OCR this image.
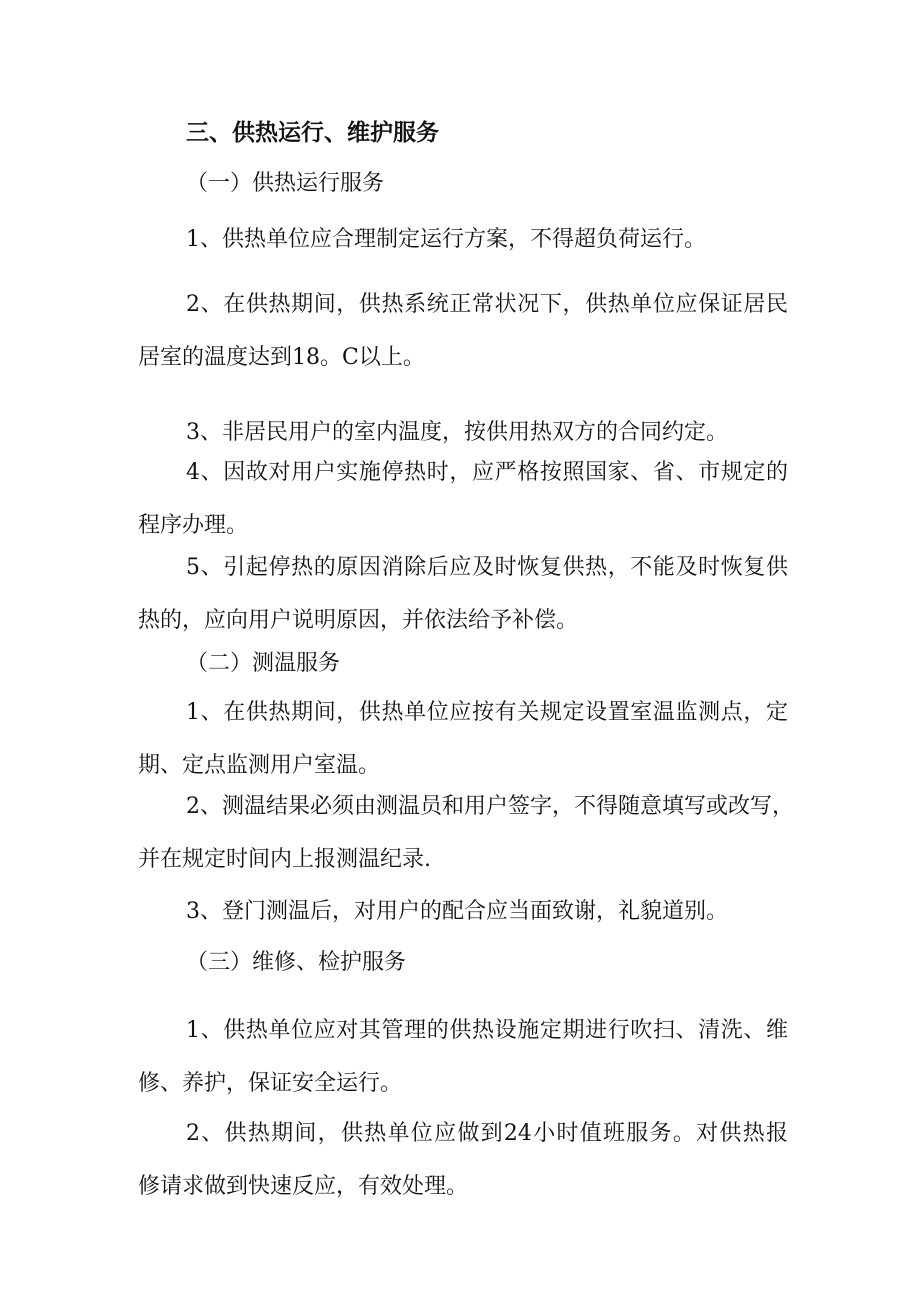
三、供热运行、维护服务
（一）供热运行服务

1、供热单位应合理制定运行方案，不得超负荷运行。

2、在供热期间，供热系统正常状况下，供热单位应保证居民
居室的温度达到18。C以上。

3、非居民用户的室内温度，按供用热双方的合同约定。

4、因故对用户实施停热时，应严格按照国家、省、市规定的
程序办理。

5、引起停热的原因消除后应及时恢复供热，不能及时恢复供
热的，应向用户说明原因，并依法给予补偿。

（二）测温服务

1、在供热期间，供热单位应按有关规定设置室温监测点，定
期、定点监测用户室温。

2、测温结果必须由测温员和用户签字，不得随意填写或改写，
并在规定时间内上报测温纪录.

3、登门测温后，对用户的配合应当面致谢，礼貌道别。

（三）维修、检护服务

1、供热单位应对其管理的供热设施定期进行吹扫、清洗、维
修、养护，保证安全运行。

2、供热期间，供热单位应做到24小时值班服务。对供热报
修请求做到快速反应，有效处理。
